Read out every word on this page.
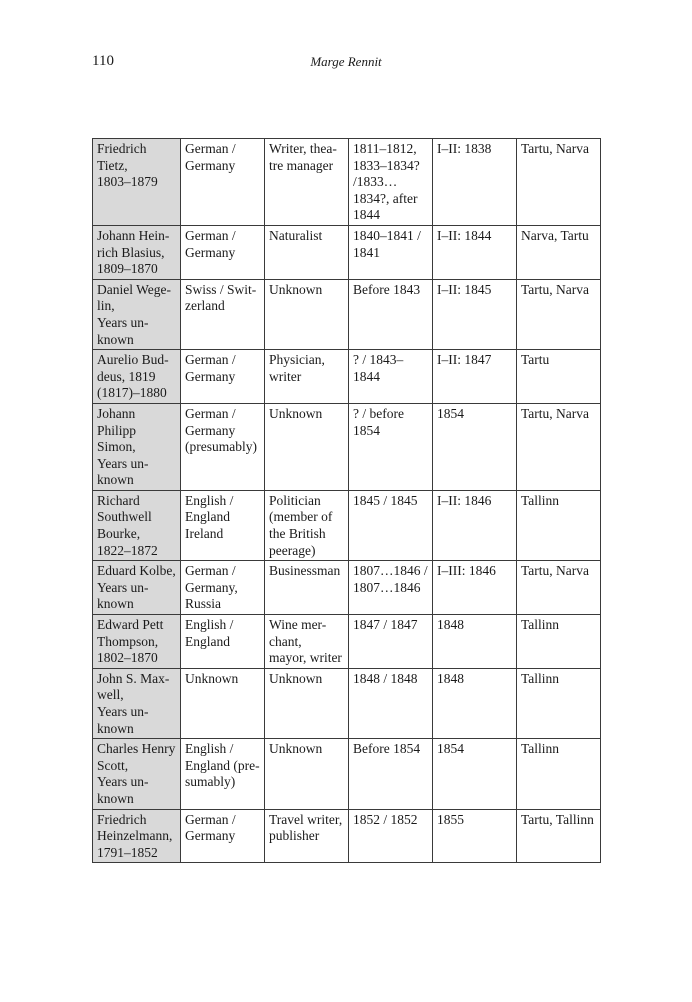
110	Marge Rennit
Friedrich
Tietz,
1803–1879	German /
Germany	Writer, thea-
tre manager	1811–1812,
1833–1834?
/1833…
1834?, after
1844	I–II: 1838	Tartu, Narva
Johann Hein-
rich Blasius,
1809–1870	German /
Germany	Naturalist	1840–1841 /
1841	I–II: 1844	Narva, Tartu
Daniel Wege-
lin,
Years un-
known	Swiss / Swit-
zerland	Unknown	Before 1843	I–II: 1845	Tartu, Narva
Aurelio Bud-
deus, 1819
(1817)–1880	German /
Germany	Physician,
writer	? / 1843–
1844	I–II: 1847	Tartu
Johann Philipp
Simon,
Years un-
known	German /
Germany
(presumably)	Unknown	? / before
1854	1854	Tartu, Narva
Richard
Southwell
Bourke,
1822–1872	English /
England
Ireland	Politician
(member of
the British
peerage)	1845 / 1845	I–II: 1846	Tallinn
Eduard Kolbe,
Years un-
known	German /
Germany,
Russia	Businessman	1807…1846 /
1807…1846	I–III: 1846	Tartu, Narva
Edward Pett
Thompson,
1802–1870	English /
England	Wine mer-
chant,
mayor, writer	1847 / 1847	1848	Tallinn
John S. Max-
well,
Years un-
known	Unknown	Unknown	1848 / 1848	1848	Tallinn
Charles Henry
Scott,
Years un-
known	English /
England (pre-
sumably)	Unknown	Before 1854	1854	Tallinn
Friedrich
Heinzelmann,
1791–1852	German /
Germany	Travel writer,
publisher	1852 / 1852	1855	Tartu, Tallinn
